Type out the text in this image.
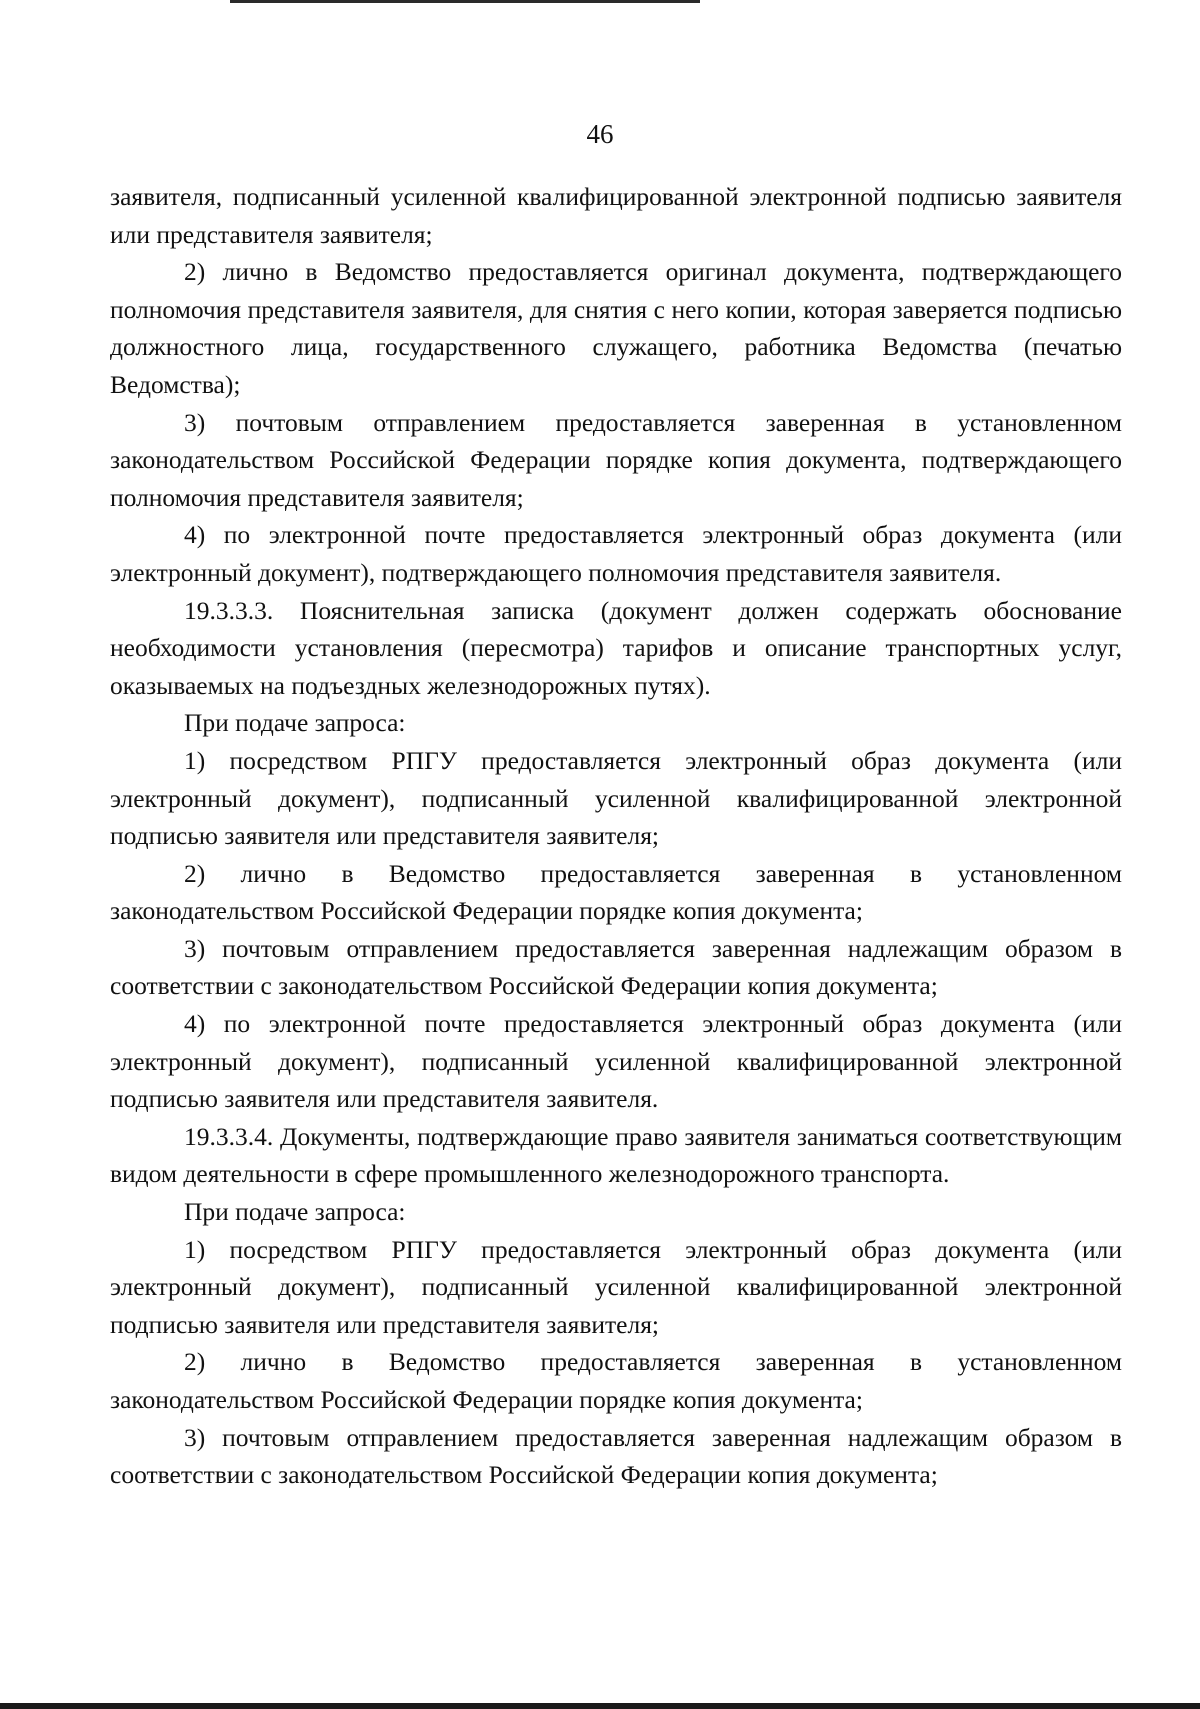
46

заявителя, подписанный усиленной квалифицированной электронной подписью заявителя или представителя заявителя;

2) лично в Ведомство предоставляется оригинал документа, подтверждающего полномочия представителя заявителя, для снятия с него копии, которая заверяется подписью должностного лица, государственного служащего, работника Ведомства (печатью Ведомства);

3) почтовым отправлением предоставляется заверенная в установленном законодательством Российской Федерации порядке копия документа, подтверждающего полномочия представителя заявителя;

4) по электронной почте предоставляется электронный образ документа (или электронный документ), подтверждающего полномочия представителя заявителя.

19.3.3.3. Пояснительная записка (документ должен содержать обоснование необходимости установления (пересмотра) тарифов и описание транспортных услуг, оказываемых на подъездных железнодорожных путях).

При подаче запроса:

1) посредством РПГУ предоставляется электронный образ документа (или электронный документ), подписанный усиленной квалифицированной электронной подписью заявителя или представителя заявителя;

2) лично в Ведомство предоставляется заверенная в установленном законодательством Российской Федерации порядке копия документа;

3) почтовым отправлением предоставляется заверенная надлежащим образом в соответствии с законодательством Российской Федерации копия документа;

4) по электронной почте предоставляется электронный образ документа (или электронный документ), подписанный усиленной квалифицированной электронной подписью заявителя или представителя заявителя.

19.3.3.4. Документы, подтверждающие право заявителя заниматься соответствующим видом деятельности в сфере промышленного железнодорожного транспорта.

При подаче запроса:

1) посредством РПГУ предоставляется электронный образ документа (или электронный документ), подписанный усиленной квалифицированной электронной подписью заявителя или представителя заявителя;

2) лично в Ведомство предоставляется заверенная в установленном законодательством Российской Федерации порядке копия документа;

3) почтовым отправлением предоставляется заверенная надлежащим образом в соответствии с законодательством Российской Федерации копия документа;
